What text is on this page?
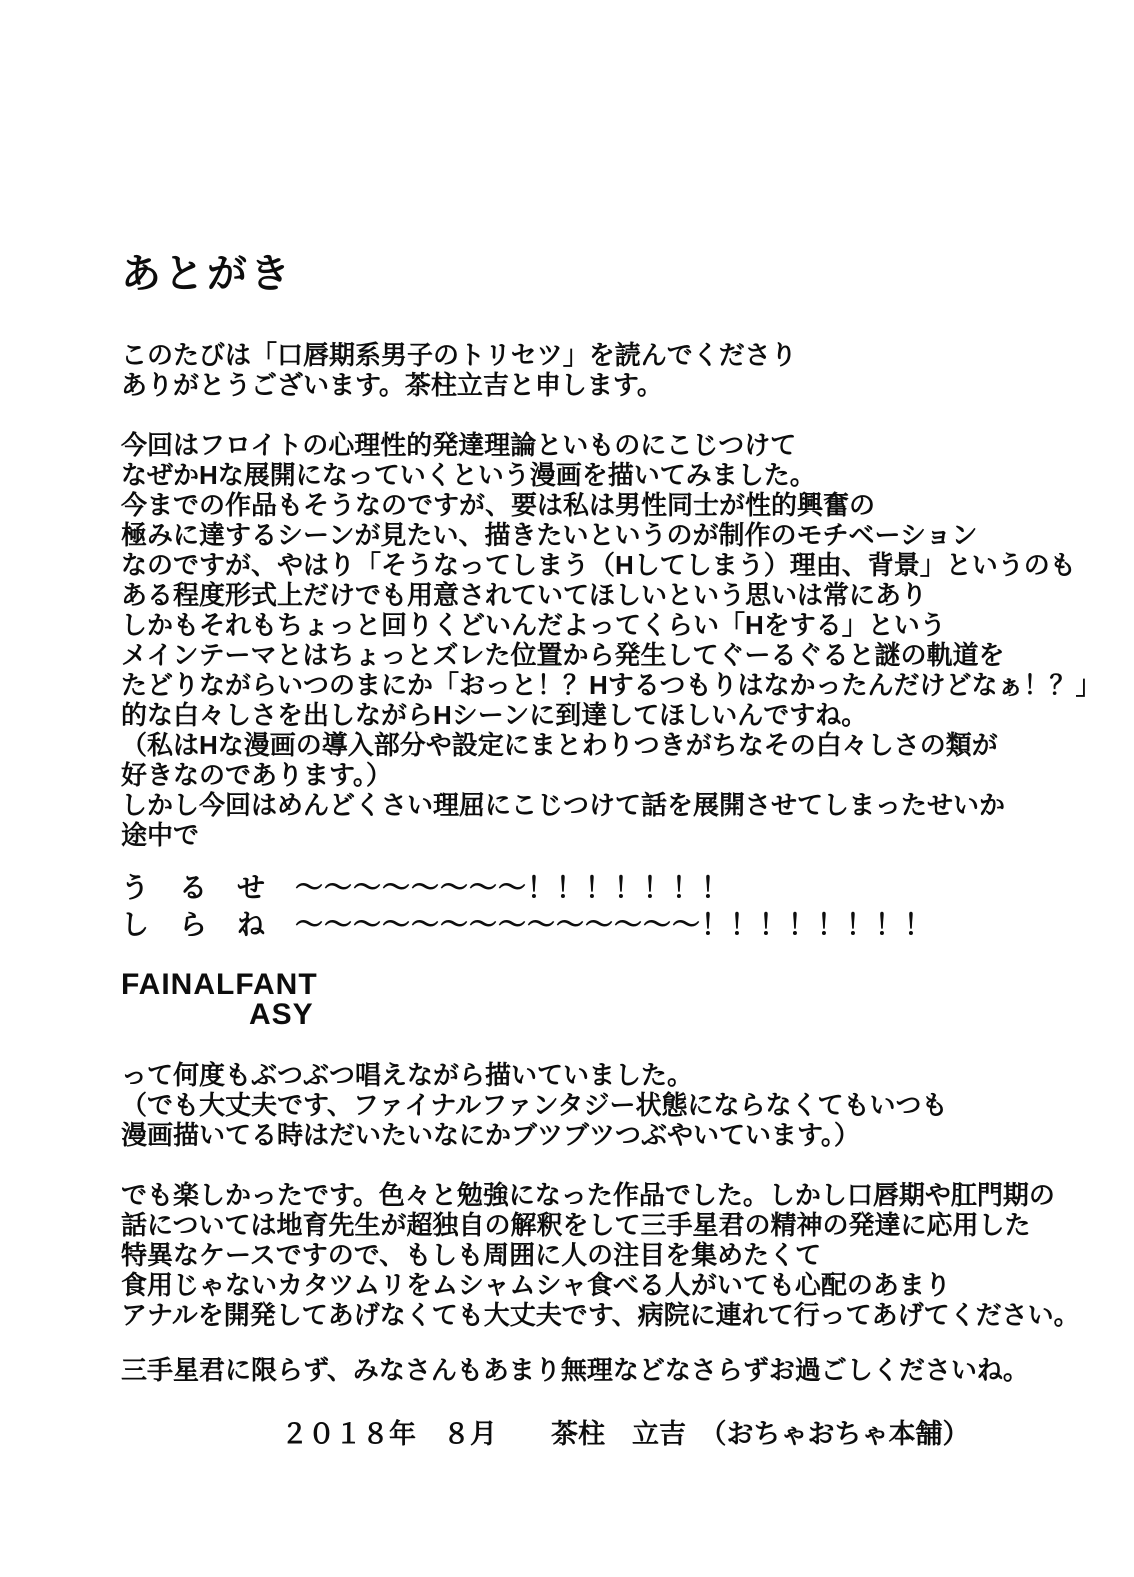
あとがき
このたびは「口唇期系男子のトリセツ」を読んでくださり
ありがとうございます。茶柱立吉と申します。
今回はフロイトの心理性的発達理論といものにこじつけて
なぜかHな展開になっていくという漫画を描いてみました。
今までの作品もそうなのですが、要は私は男性同士が性的興奮の
極みに達するシーンが見たい、描きたいというのが制作のモチベーション
なのですが、やはり「そうなってしまう（Hしてしまう）理由、背景」というのも
ある程度形式上だけでも用意されていてほしいという思いは常にあり
しかもそれもちょっと回りくどいんだよってくらい「Hをする」という
メインテーマとはちょっとズレた位置から発生してぐーるぐると謎の軌道を
たどりながらいつのまにか「おっと！？Hするつもりはなかったんだけどなぁ！？」
的な白々しさを出しながらHシーンに到達してほしいんですね。
（私はHな漫画の導入部分や設定にまとわりつきがちなその白々しさの類が
好きなのであります。）
しかし今回はめんどくさい理屈にこじつけて話を展開させてしまったせいか
途中で
う　る　せ　～～～～～～～～！！！！！！！
し　ら　ね　～～～～～～～～～～～～～～！！！！！！！！
FAINALFANT
ASY
って何度もぶつぶつ唱えながら描いていました。
（でも大丈夫です、ファイナルファンタジー状態にならなくてもいつも
漫画描いてる時はだいたいなにかブツブツつぶやいています。）
でも楽しかったです。色々と勉強になった作品でした。しかし口唇期や肛門期の
話については地育先生が超独自の解釈をして三手星君の精神の発達に応用した
特異なケースですので、もしも周囲に人の注目を集めたくて
食用じゃないカタツムリをムシャムシャ食べる人がいても心配のあまり
アナルを開発してあげなくても大丈夫です、病院に連れて行ってあげてください。
三手星君に限らず、みなさんもあまり無理などなさらずお過ごしくださいね。
２０１８年　８月　　茶柱　立吉　（おちゃおちゃ本舗）
